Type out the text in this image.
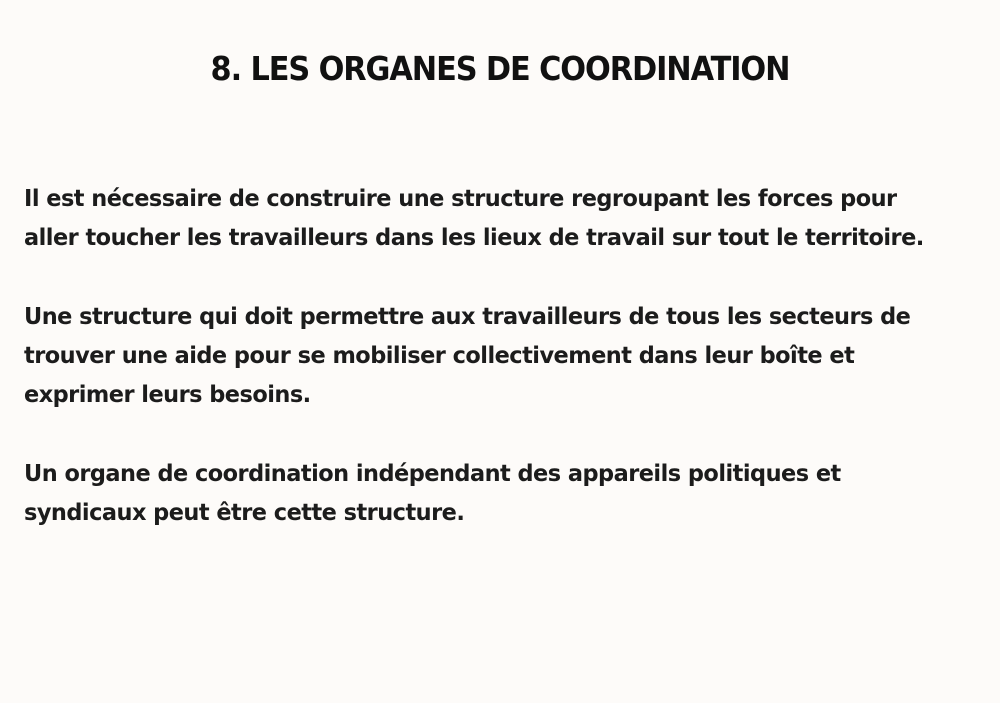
8. LES ORGANES DE COORDINATION
Il est nécessaire de construire une structure regroupant les forces pour
aller toucher les travailleurs dans les lieux de travail sur tout le territoire.
Une structure qui doit permettre aux travailleurs de tous les secteurs de
trouver une aide pour se mobiliser collectivement dans leur boîte et
exprimer leurs besoins.
Un organe de coordination indépendant des appareils politiques et
syndicaux peut être cette structure.
